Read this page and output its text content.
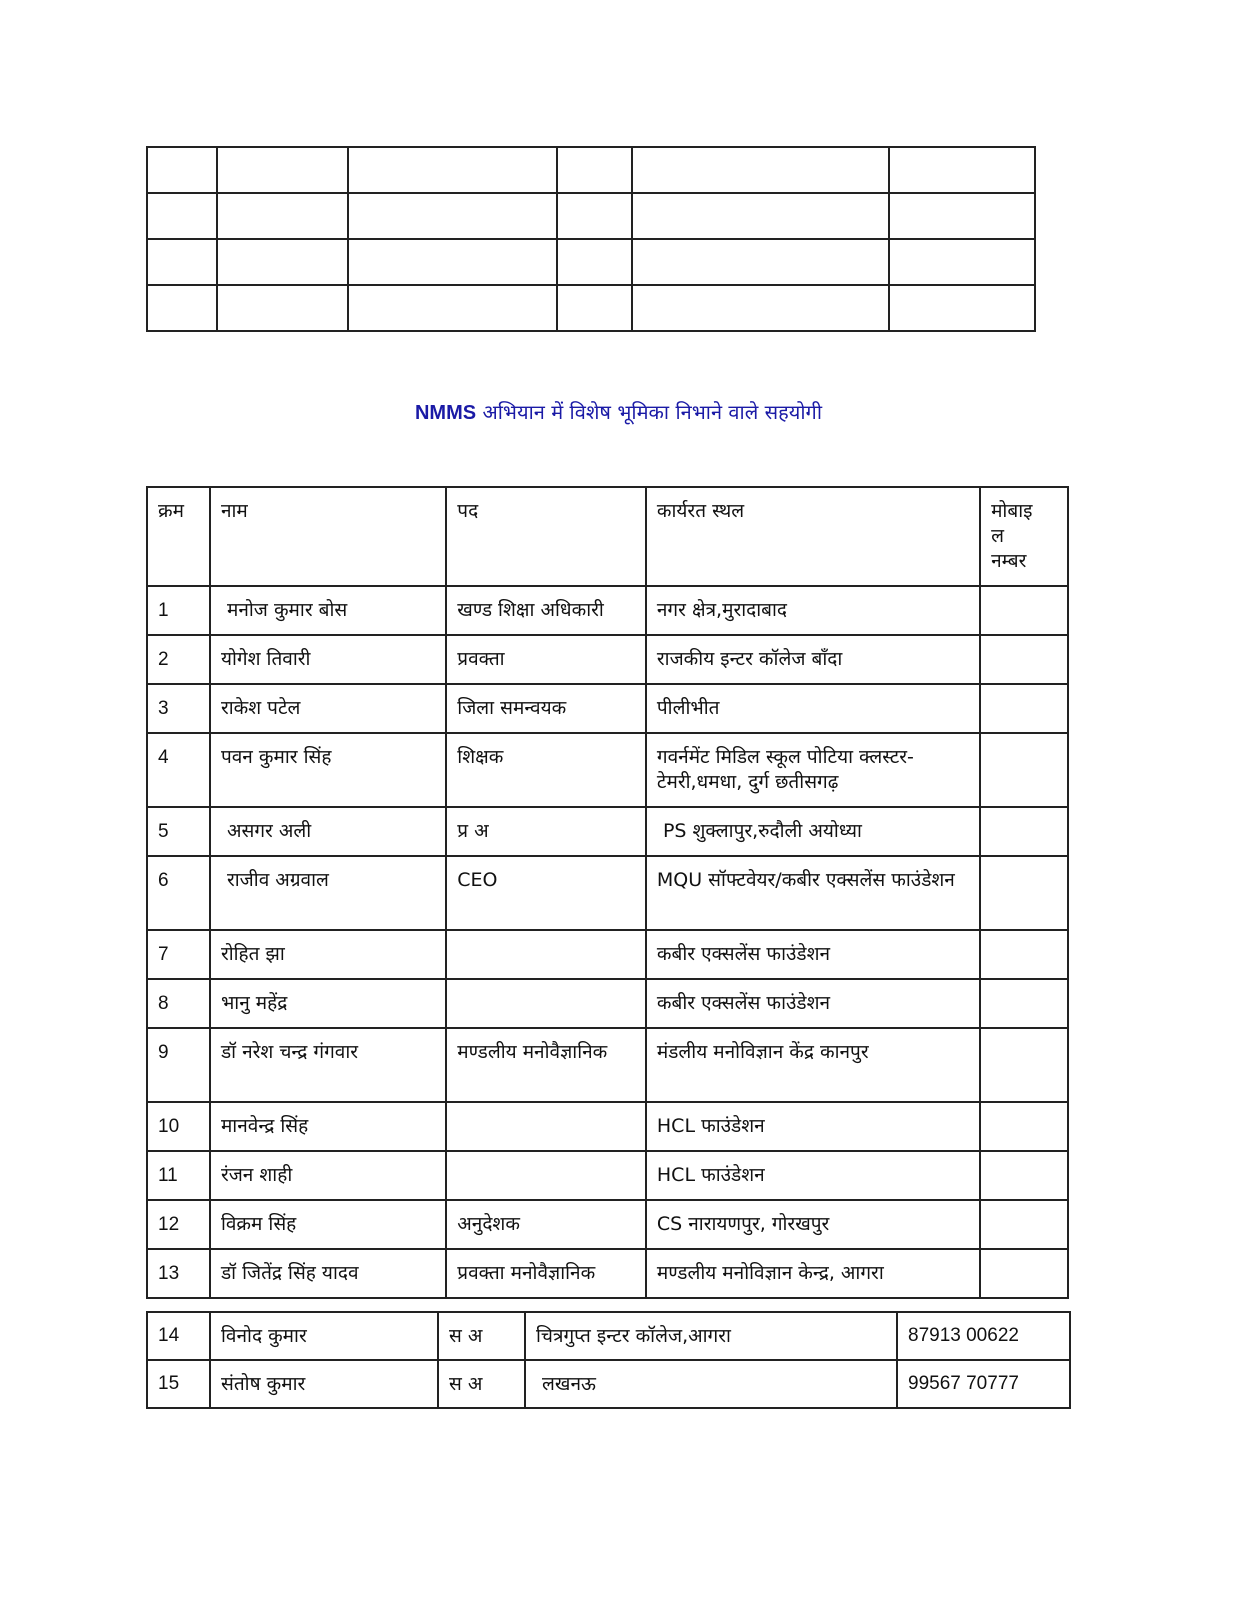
NMMS अभियान में विशेष भूमिका निभाने वाले सहयोगी
क्रम	नाम	पद	कार्यरत स्थल	मोबाइ
ल
नम्बर
1	मनोज कुमार बोस	खण्ड शिक्षा अधिकारी	नगर क्षेत्र,मुरादाबाद	
2	योगेश तिवारी	प्रवक्ता	राजकीय इन्टर कॉलेज बाँदा	
3	राकेश पटेल	जिला समन्वयक	पीलीभीत	
4	पवन कुमार सिंह	शिक्षक	गवर्नमेंट मिडिल स्कूल पोटिया क्लस्टर-टेमरी,धमधा, दुर्ग छतीसगढ़	
5	असगर अली	प्र अ	PS शुक्लापुर,रुदौली अयोध्या	
6	राजीव अग्रवाल	CEO	MQU सॉफ्टवेयर/कबीर एक्सलेंस फाउंडेशन	
7	रोहित झा		कबीर एक्सलेंस फाउंडेशन	
8	भानु महेंद्र		कबीर एक्सलेंस फाउंडेशन	
9	डॉ नरेश चन्द्र गंगवार	मण्डलीय मनोवैज्ञानिक	मंडलीय मनोविज्ञान केंद्र कानपुर	
10	मानवेन्द्र सिंह		HCL फाउंडेशन	
11	रंजन शाही		HCL फाउंडेशन	
12	विक्रम सिंह	अनुदेशक	CS नारायणपुर, गोरखपुर	
13	डॉ जितेंद्र सिंह यादव	प्रवक्ता मनोवैज्ञानिक	मण्डलीय मनोविज्ञान केन्द्र, आगरा	
14	विनोद कुमार	स अ	चित्रगुप्त इन्टर कॉलेज,आगरा	87913 00622
15	संतोष कुमार	स अ	लखनऊ	99567 70777
